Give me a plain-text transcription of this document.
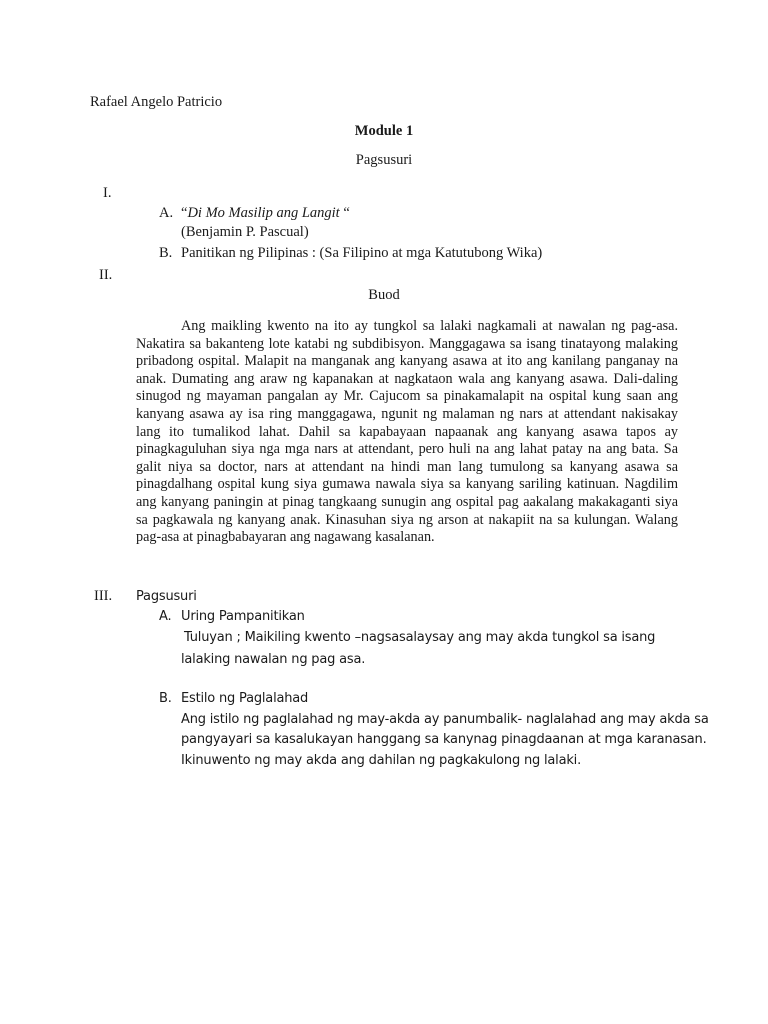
Rafael Angelo Patricio
Module 1
Pagsusuri
I.
A. “Di Mo Masilip ang Langit “
(Benjamin P. Pascual)
B. Panitikan ng Pilipinas : (Sa Filipino at mga Katutubong Wika)
II.
Buod
Ang maikling kwento na ito ay tungkol sa lalaki nagkamali at nawalan ng pag-asa. Nakatira sa bakanteng lote katabi ng subdibisyon. Manggagawa sa isang tinatayong malaking pribadong ospital. Malapit na manganak ang kanyang asawa at ito ang kanilang panganay na anak. Dumating ang araw ng kapanakan at nagkataon wala ang kanyang asawa. Dali-daling sinugod ng mayaman pangalan ay Mr. Cajucom sa pinakamalapit na ospital kung saan ang kanyang asawa ay isa ring manggagawa, ngunit ng malaman ng nars at attendant nakisakay lang ito tumalikod lahat. Dahil sa kapabayaan napaanak ang kanyang asawa tapos ay pinagkaguluhan siya nga mga nars at attendant, pero huli na ang lahat patay na ang bata. Sa galit niya sa doctor, nars at attendant na hindi man lang tumulong sa kanyang asawa sa pinagdalhang ospital kung siya gumawa nawala siya sa kanyang sariling katinuan. Nagdilim ang kanyang paningin at pinag tangkaang sunugin ang ospital pag aakalang makakaganti siya sa pagkawala ng kanyang anak. Kinasuhan siya ng arson at nakapiit na sa kulungan. Walang pag-asa at pinagbabayaran ang nagawang kasalanan.
III. Pagsusuri
A. Uring Pampanitikan
Tuluyan ; Maikiling kwento –nagsasalaysay ang may akda tungkol sa isang
lalaking nawalan ng pag asa.
B. Estilo ng Paglalahad
Ang istilo ng paglalahad ng may-akda ay panumbalik- naglalahad ang may akda sa
pangyayari sa kasalukayan hanggang sa kanynag pinagdaanan at mga karanasan.
Ikinuwento ng may akda ang dahilan ng pagkakulong ng lalaki.
